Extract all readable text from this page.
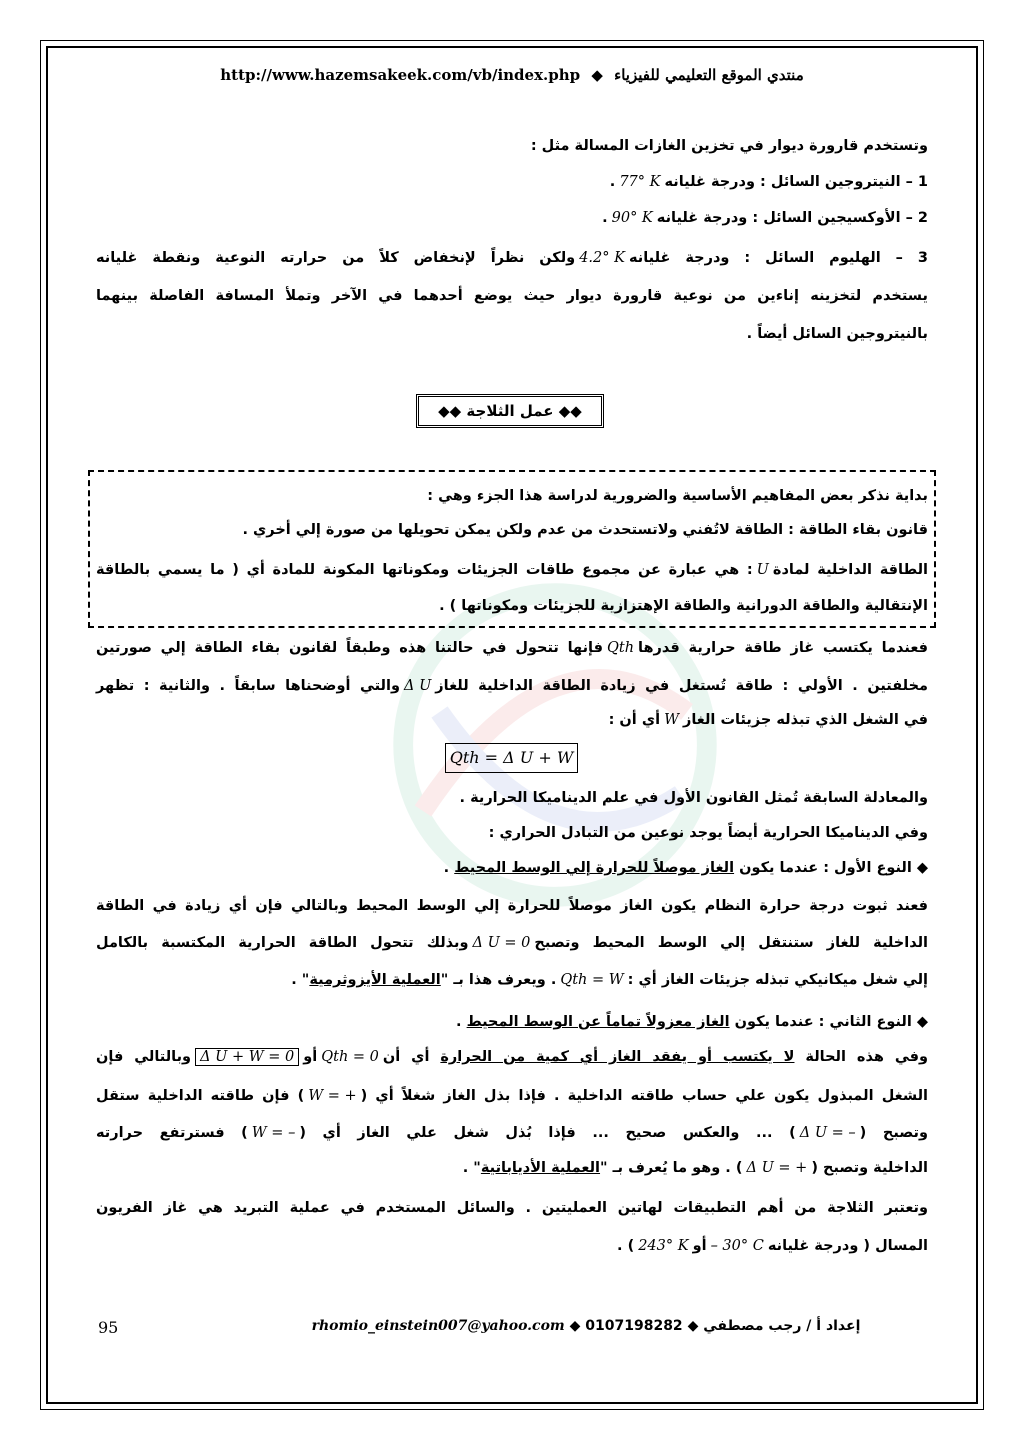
http://www.hazemsakeek.com/vb/index.php ◆ منتدي الموقع التعليمي للفيزياء
وتستخدم قارورة ديوار في تخزين الغازات المسالة مثل :
1 – النيتروجين السائل : ودرجة غليانه77° K.
2 – الأوكسيجين السائل : ودرجة غليانه90° K.
3 – الهليوم السائل : ودرجة غليانه4.2° Kولكن نظراً لإنخفاض كلاً من حرارته النوعية ونقطة غليانه
يستخدم لتخزينه إناءين من نوعية قارورة ديوار حيث يوضع أحدهما في الآخر وتملأ المسافة الفاصلة بينهما
بالنيتروجين السائل أيضاً .
◆◆ عمل الثلاجة ◆◆
بداية نذكر بعض المفاهيم الأساسية والضرورية لدراسة هذا الجزء وهي :
قانون بقاء الطاقة : الطاقة لاتُفني ولاتستحدث من عدم ولكن يمكن تحويلها من صورة إلي أخري .
الطاقة الداخلية لمادةU: هي عبارة عن مجموع طاقات الجزيئات ومكوناتها المكونة للمادة أي ( ما يسمي بالطاقة
الإنتقالية والطاقة الدورانية والطاقة الإهتزازية للجزيئات ومكوناتها ) .
فعندما يكتسب غاز طاقة حرارية قدرهاQthفإنها تتحول في حالتنا هذه وطبقاً لقانون بقاء الطاقة إلي صورتين
مخلفتين . الأولي : طاقة تُستغل في زيادة الطاقة الداخلية للغازΔ Uوالتي أوضحناها سابقاً . والثانية : تظهر
في الشغل الذي تبذله جزيئات الغازWأي أن :
Qth = Δ U + W
والمعادلة السابقة تُمثل القانون الأول في علم الديناميكا الحرارية .
وفي الديناميكا الحرارية أيضاً يوجد نوعين من التبادل الحراري :
◆ النوع الأول : عندما يكون الغاز موصلاً للحرارة إلي الوسط المحيط .
فعند ثبوت درجة حرارة النظام يكون الغاز موصلاً للحرارة إلي الوسط المحيط وبالتالي فإن أي زيادة في الطاقة
الداخلية للغاز ستنتقل إلي الوسط المحيط وتصبحΔ U = 0وبذلك تتحول الطاقة الحرارية المكتسبة بالكامل
إلي شغل ميكانيكي تبذله جزيئات الغاز أي :Qth = W. ويعرف هذا بـ "العملية الأيزوثرمية" .
◆ النوع الثاني : عندما يكون الغاز معزولاً تماماً عن الوسط المحيط .
وفي هذه الحالة لا يكتسب أو يفقد الغاز أي كمية من الحرارة أي أنQth = 0أوΔ U + W = 0وبالتالي فإن
الشغل المبذول يكون علي حساب طاقته الداخلية . فإذا بذل الغاز شغلاً أي (W = +) فإن طاقته الداخلية ستقل
وتصبح (Δ U = –) ... والعكس صحيح ... فإذا بُذل شغل علي الغاز أي (W = –) فسترتفع حرارته
الداخلية وتصبح (Δ U = +) . وهو ما يُعرف بـ "العملية الأدياباتية" .
وتعتبر الثلاجة من أهم التطبيقات لهاتين العمليتين . والسائل المستخدم في عملية التبريد هي غاز الفريون
المسال ( ودرجة غليانه– 30° Cأو243° K) .
95	rhomio_einstein007@yahoo.com ◆ 0107198282 ◆ إعداد أ / رجب مصطفي
